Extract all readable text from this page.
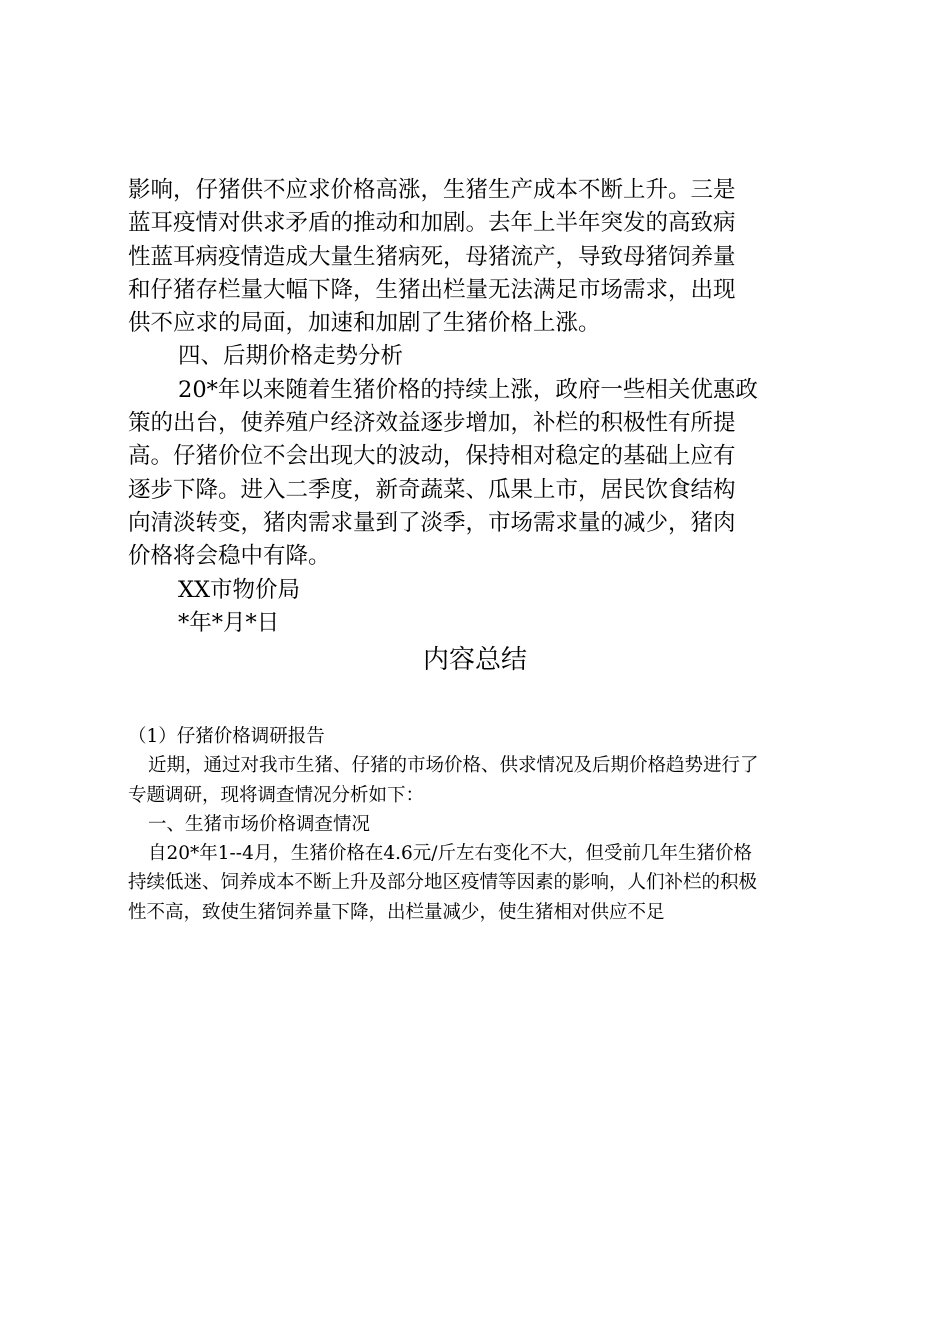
影响，仔猪供不应求价格高涨，生猪生产成本不断上升。三是

蓝耳疫情对供求矛盾的推动和加剧。去年上半年突发的高致病

性蓝耳病疫情造成大量生猪病死，母猪流产，导致母猪饲养量

和仔猪存栏量大幅下降，生猪出栏量无法满足市场需求，出现

供不应求的局面，加速和加剧了生猪价格上涨。

四、后期价格走势分析

20*年以来随着生猪价格的持续上涨，政府一些相关优惠政

策的出台，使养殖户经济效益逐步增加，补栏的积极性有所提

高。仔猪价位不会出现大的波动，保持相对稳定的基础上应有

逐步下降。进入二季度，新奇蔬菜、瓜果上市，居民饮食结构

向清淡转变，猪肉需求量到了淡季，市场需求量的减少，猪肉

价格将会稳中有降。

XX市物价局

*年*月*日

内容总结

（1）仔猪价格调研报告

近期，通过对我市生猪、仔猪的市场价格、供求情况及后期价格趋势进行了

专题调研，现将调查情况分析如下：

一、生猪市场价格调查情况

自20*年1--4月，生猪价格在4.6元/斤左右变化不大，但受前几年生猪价格

持续低迷、饲养成本不断上升及部分地区疫情等因素的影响，人们补栏的积极

性不高，致使生猪饲养量下降，出栏量减少，使生猪相对供应不足
